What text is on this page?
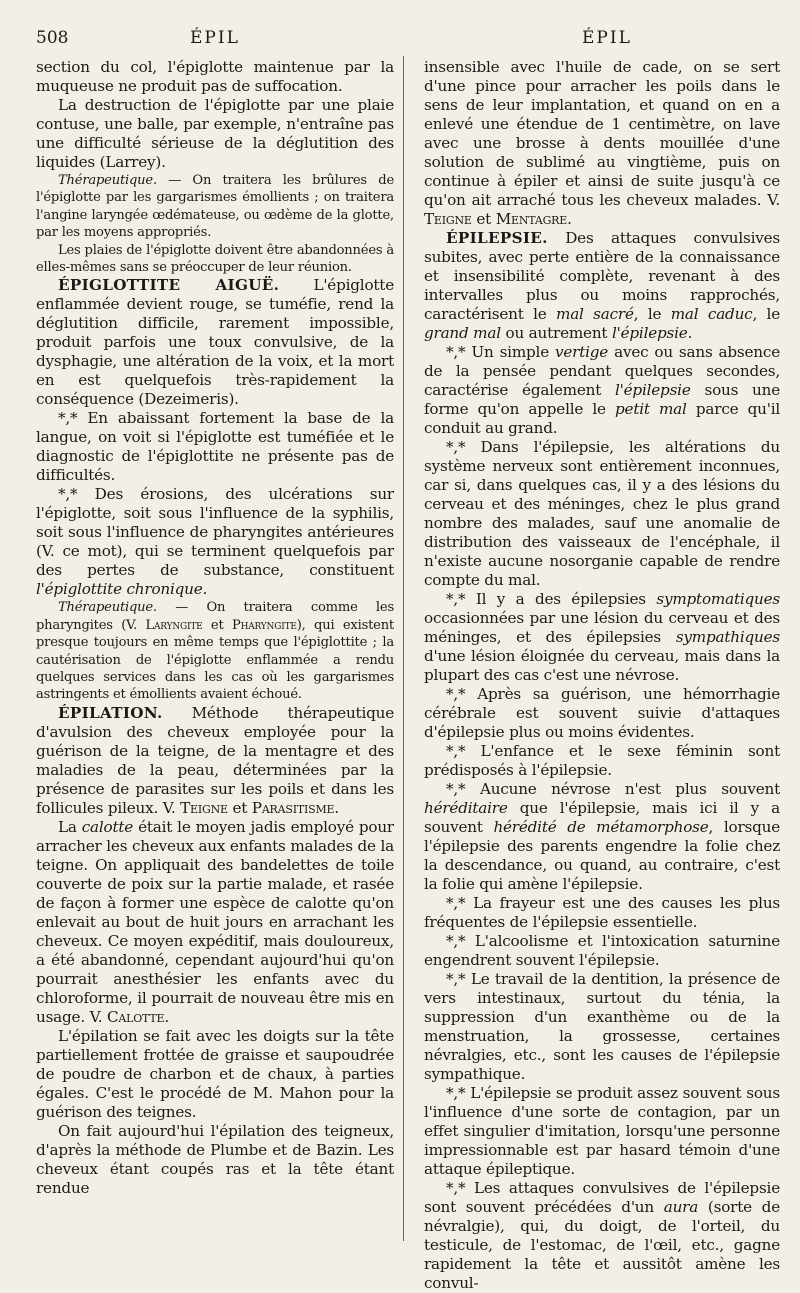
508	ÉPIL	ÉPIL

section du col, l'épiglotte maintenue par la muqueuse ne produit pas de suffocation.

La destruction de l'épiglotte par une plaie contuse, une balle, par exemple, n'entraîne pas une difficulté sérieuse de la déglutition des liquides (Larrey).

Thérapeutique. — On traitera les brûlures de l'épiglotte par les gargarismes émollients ; on traitera l'angine laryngée œdémateuse, ou œdème de la glotte, par les moyens appropriés.

Les plaies de l'épiglotte doivent être abandonnées à elles-mêmes sans se préoccuper de leur réunion.

ÉPIGLOTTITE AIGUË. L'épiglotte enflammée devient rouge, se tuméfie, rend la déglutition difficile, rarement impossible, produit parfois une toux convulsive, de la dysphagie, une altération de la voix, et la mort en est quelquefois très-rapidement la conséquence (Dezeimeris).

*,* En abaissant fortement la base de la langue, on voit si l'épiglotte est tuméfiée et le diagnostic de l'épiglottite ne présente pas de difficultés.

*,* Des érosions, des ulcérations sur l'épiglotte, soit sous l'influence de la syphilis, soit sous l'influence de pharyngites antérieures (V. ce mot), qui se terminent quelquefois par des pertes de substance, constituent l'épiglottite chronique.

Thérapeutique. — On traitera comme les pharyngites (V. Laryngite et Pharyngite), qui existent presque toujours en même temps que l'épiglottite ; la cautérisation de l'épiglotte enflammée a rendu quelques services dans les cas où les gargarismes astringents et émollients avaient échoué.

ÉPILATION. Méthode thérapeutique d'avulsion des cheveux employée pour la guérison de la teigne, de la mentagre et des maladies de la peau, déterminées par la présence de parasites sur les poils et dans les follicules pileux. V. Teigne et Parasitisme.

La calotte était le moyen jadis employé pour arracher les cheveux aux enfants malades de la teigne. On appliquait des bandelettes de toile couverte de poix sur la partie malade, et rasée de façon à former une espèce de calotte qu'on enlevait au bout de huit jours en arrachant les cheveux. Ce moyen expéditif, mais douloureux, a été abandonné, cependant aujourd'hui qu'on pourrait anesthésier les enfants avec du chloroforme, il pourrait de nouveau être mis en usage. V. Calotte.

L'épilation se fait avec les doigts sur la tête partiellement frottée de graisse et saupoudrée de poudre de charbon et de chaux, à parties égales. C'est le procédé de M. Mahon pour la guérison des teignes.

On fait aujourd'hui l'épilation des teigneux, d'après la méthode de Plumbe et de Bazin. Les cheveux étant coupés ras et la tête étant rendue

insensible avec l'huile de cade, on se sert d'une pince pour arracher les poils dans le sens de leur implantation, et quand on en a enlevé une étendue de 1 centimètre, on lave avec une brosse à dents mouillée d'une solution de sublimé au vingtième, puis on continue à épiler et ainsi de suite jusqu'à ce qu'on ait arraché tous les cheveux malades. V. Teigne et Mentagre.

ÉPILEPSIE. Des attaques convulsives subites, avec perte entière de la connaissance et insensibilité complète, revenant à des intervalles plus ou moins rapprochés, caractérisent le mal sacré, le mal caduc, le grand mal ou autrement l'épilepsie.

*,* Un simple vertige avec ou sans absence de la pensée pendant quelques secondes, caractérise également l'épilepsie sous une forme qu'on appelle le petit mal parce qu'il conduit au grand.

*,* Dans l'épilepsie, les altérations du système nerveux sont entièrement inconnues, car si, dans quelques cas, il y a des lésions du cerveau et des méninges, chez le plus grand nombre des malades, sauf une anomalie de distribution des vaisseaux de l'encéphale, il n'existe aucune nosorganie capable de rendre compte du mal.

*,* Il y a des épilepsies symptomatiques occasionnées par une lésion du cerveau et des méninges, et des épilepsies sympathiques d'une lésion éloignée du cerveau, mais dans la plupart des cas c'est une névrose.

*,* Après sa guérison, une hémorrhagie cérébrale est souvent suivie d'attaques d'épilepsie plus ou moins évidentes.

*,* L'enfance et le sexe féminin sont prédisposés à l'épilepsie.

*,* Aucune névrose n'est plus souvent héréditaire que l'épilepsie, mais ici il y a souvent hérédité de métamorphose, lorsque l'épilepsie des parents engendre la folie chez la descendance, ou quand, au contraire, c'est la folie qui amène l'épilepsie.

*,* La frayeur est une des causes les plus fréquentes de l'épilepsie essentielle.

*,* L'alcoolisme et l'intoxication saturnine engendrent souvent l'épilepsie.

*,* Le travail de la dentition, la présence de vers intestinaux, surtout du ténia, la suppression d'un exanthème ou de la menstruation, la grossesse, certaines névralgies, etc., sont les causes de l'épilepsie sympathique.

*,* L'épilepsie se produit assez souvent sous l'influence d'une sorte de contagion, par un effet singulier d'imitation, lorsqu'une personne impressionnable est par hasard témoin d'une attaque épileptique.

*,* Les attaques convulsives de l'épilepsie sont souvent précédées d'un aura (sorte de névralgie), qui, du doigt, de l'orteil, du testicule, de l'estomac, de l'œil, etc., gagne rapidement la tête et aussitôt amène les convul-
